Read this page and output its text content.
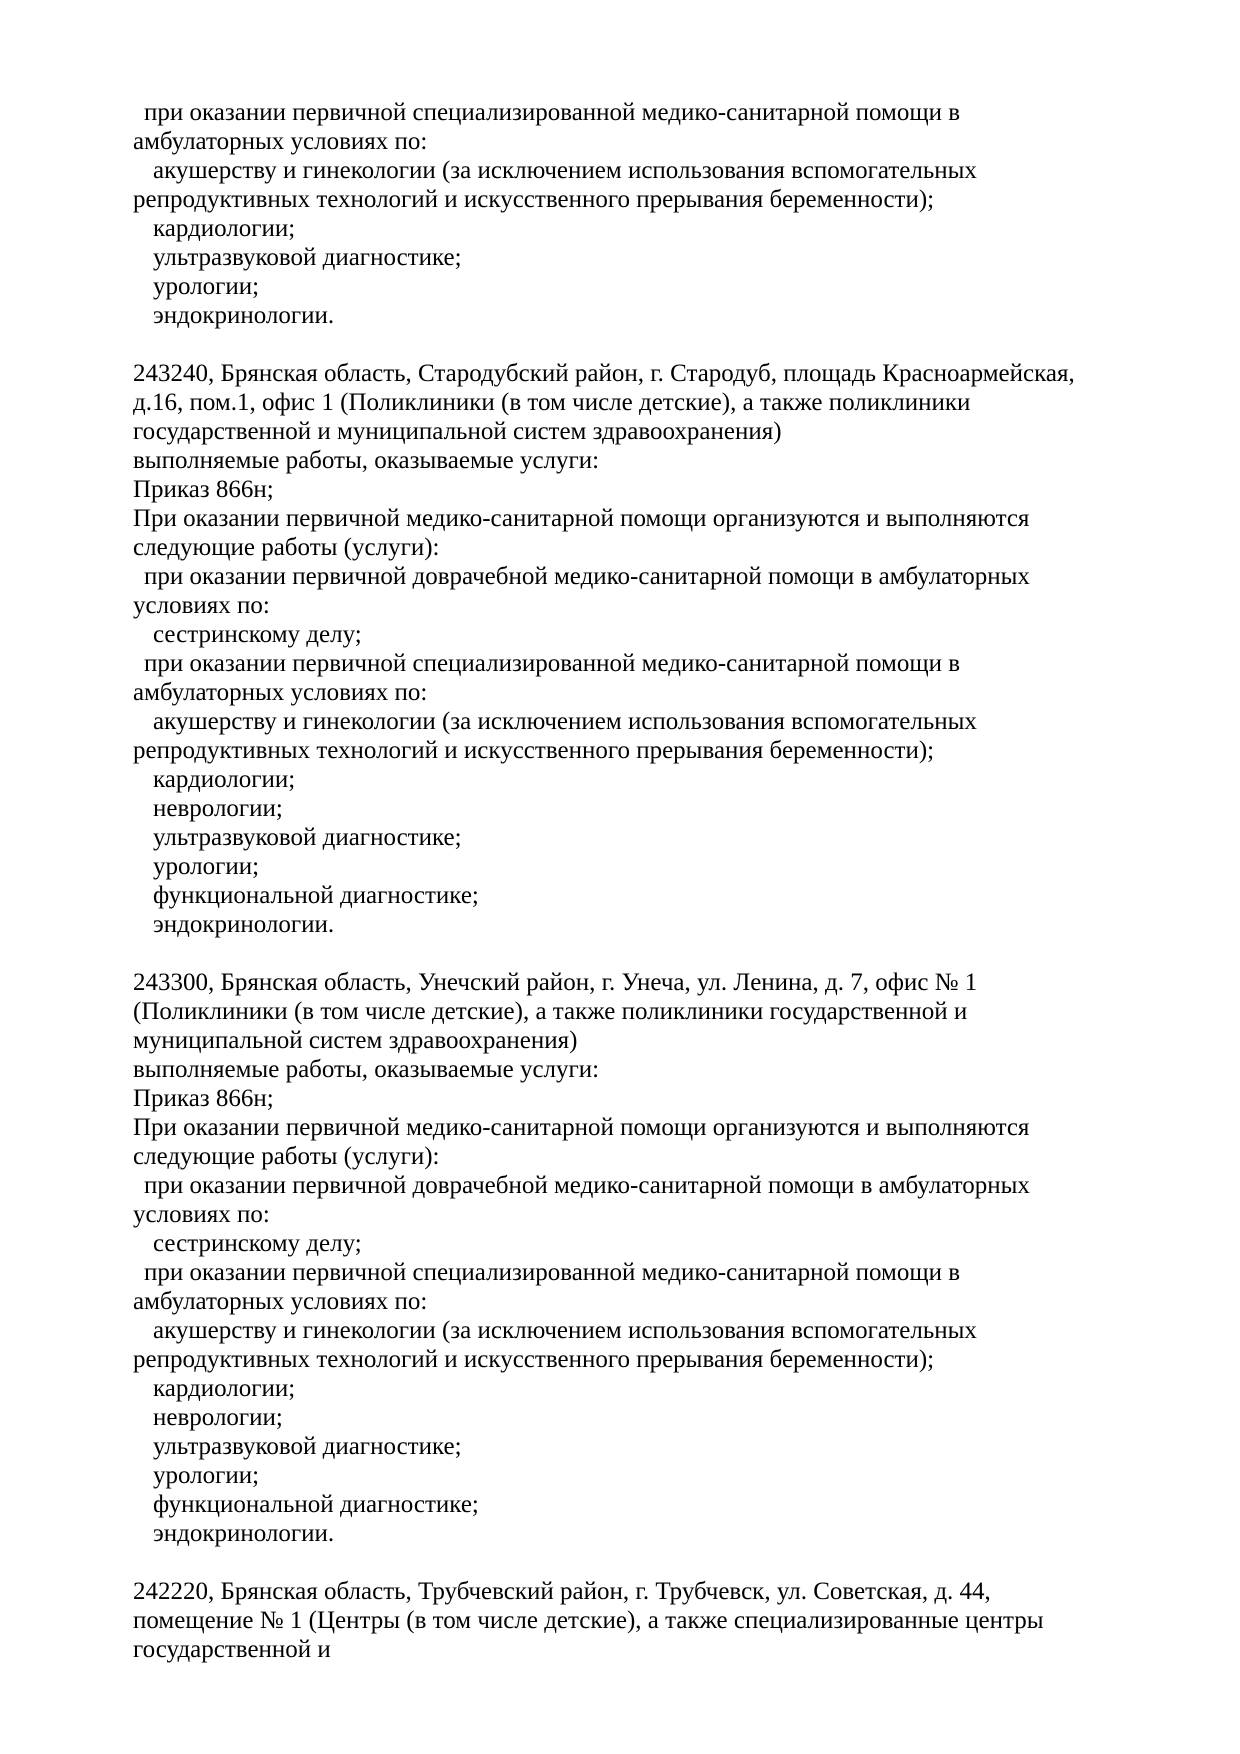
при оказании первичной специализированной медико-санитарной помощи в амбулаторных условиях по:

акушерству и гинекологии (за исключением использования вспомогательных репродуктивных технологий и искусственного прерывания беременности);

кардиологии;

ультразвуковой диагностике;

урологии;

эндокринологии.

243240, Брянская область, Стародубский район, г. Стародуб, площадь Красноармейская, д.16, пом.1, офис 1 (Поликлиники (в том числе детские), а также поликлиники государственной и муниципальной систем здравоохранения)

выполняемые работы, оказываемые услуги:

Приказ 866н;

При оказании первичной медико-санитарной помощи организуются и выполняются следующие работы (услуги):

при оказании первичной доврачебной медико-санитарной помощи в амбулаторных условиях по:

сестринскому делу;

при оказании первичной специализированной медико-санитарной помощи в амбулаторных условиях по:

акушерству и гинекологии (за исключением использования вспомогательных репродуктивных технологий и искусственного прерывания беременности);

кардиологии;

неврологии;

ультразвуковой диагностике;

урологии;

функциональной диагностике;

эндокринологии.

243300, Брянская область, Унечский район, г. Унеча, ул. Ленина, д. 7, офис № 1 (Поликлиники (в том числе детские), а также поликлиники государственной и муниципальной систем здравоохранения)

выполняемые работы, оказываемые услуги:

Приказ 866н;

При оказании первичной медико-санитарной помощи организуются и выполняются следующие работы (услуги):

при оказании первичной доврачебной медико-санитарной помощи в амбулаторных условиях по:

сестринскому делу;

при оказании первичной специализированной медико-санитарной помощи в амбулаторных условиях по:

акушерству и гинекологии (за исключением использования вспомогательных репродуктивных технологий и искусственного прерывания беременности);

кардиологии;

неврологии;

ультразвуковой диагностике;

урологии;

функциональной диагностике;

эндокринологии.

242220, Брянская область, Трубчевский район, г. Трубчевск, ул. Советская, д. 44, помещение № 1 (Центры (в том числе детские), а также специализированные центры государственной и
